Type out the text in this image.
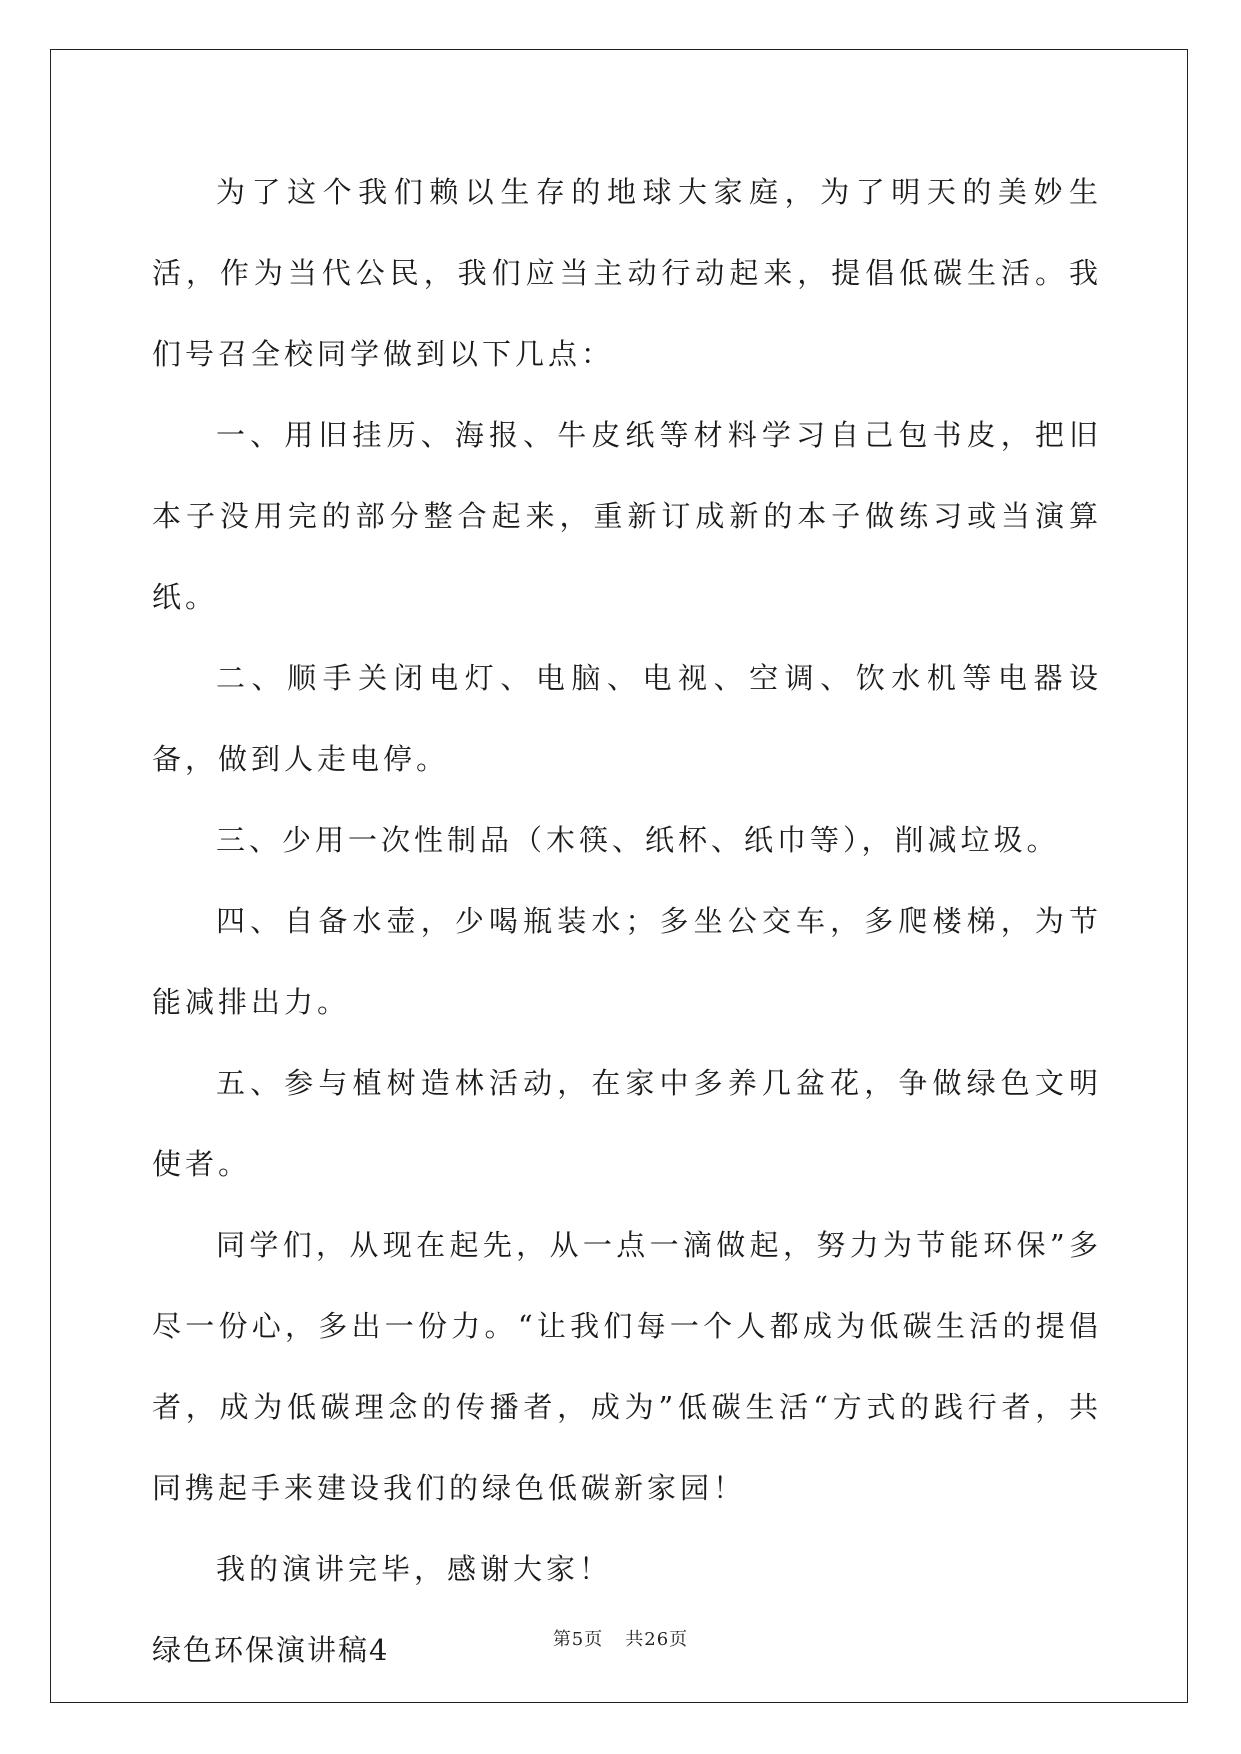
为了这个我们赖以生存的地球大家庭，为了明天的美妙生活，作为当代公民，我们应当主动行动起来，提倡低碳生活。我们号召全校同学做到以下几点：

一、用旧挂历、海报、牛皮纸等材料学习自己包书皮，把旧本子没用完的部分整合起来，重新订成新的本子做练习或当演算纸。

二、顺手关闭电灯、电脑、电视、空调、饮水机等电器设备，做到人走电停。

三、少用一次性制品（木筷、纸杯、纸巾等），削减垃圾。

四、自备水壶，少喝瓶装水；多坐公交车，多爬楼梯，为节能减排出力。

五、参与植树造林活动，在家中多养几盆花，争做绿色文明使者。

同学们，从现在起先，从一点一滴做起，努力为节能环保”多尽一份心，多出一份力。“让我们每一个人都成为低碳生活的提倡者，成为低碳理念的传播者，成为”低碳生活“方式的践行者，共同携起手来建设我们的绿色低碳新家园！

我的演讲完毕，感谢大家！

绿色环保演讲稿4	第5页 共26页
